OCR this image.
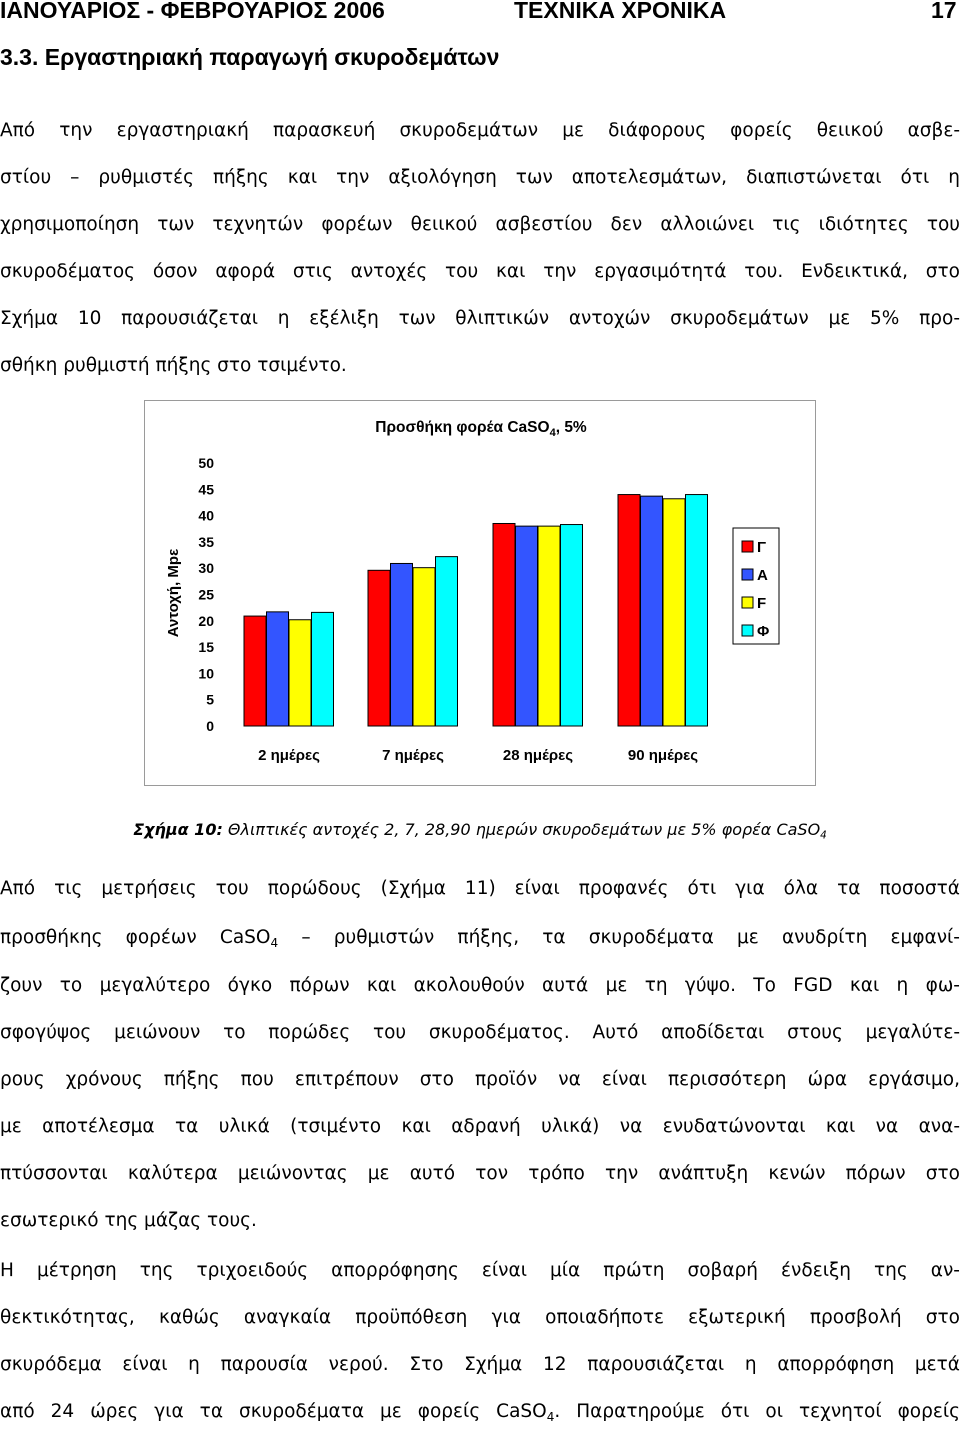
ΙΑΝΟΥΑΡΙΟΣ - ΦΕΒΡΟΥΑΡΙΟΣ 2006	ΤΕΧΝΙΚΑ ΧΡΟΝΙΚΑ	17
3.3. Εργαστηριακή παραγωγή σκυροδεμάτων
Από την εργαστηριακή παρασκευή σκυροδεμάτων με διάφορους φορείς θειικού ασβε-
στίου – ρυθμιστές πήξης και την αξιολόγηση των αποτελεσμάτων, διαπιστώνεται ότι η
χρησιμοποίηση των τεχνητών φορέων θειικού ασβεστίου δεν αλλοιώνει τις ιδιότητες του
σκυροδέματος όσον αφορά στις αντοχές του και την εργασιμότητά του. Ενδεικτικά, στο
Σχήμα 10 παρουσιάζεται η εξέλιξη των θλιπτικών αντοχών σκυροδεμάτων με 5% προ-
σθήκη ρυθμιστή πήξης στο τσιμέντο.
Προσθήκη φορέα CaSO$_4$, 5%
Αντοχή, Mpε
0
5
10
15
20
25
30
35
40
45
50
2 ημέρες	7 ημέρες	28 ημέρες	90 ημέρες
Γ
A
F
Φ
Σχήμα 10: Θλιπτικές αντοχές 2, 7, 28,90 ημερών σκυροδεμάτων με 5% φορέα CaSO$_4$
Από τις μετρήσεις του πορώδους (Σχήμα 11) είναι προφανές ότι για όλα τα ποσοστά
προσθήκης φορέων CaSO$_4$ – ρυθμιστών πήξης, τα σκυροδέματα με ανυδρίτη εμφανί-
ζουν το μεγαλύτερο όγκο πόρων και ακολουθούν αυτά με τη γύψο. Το FGD και η φω-
σφογύψος μειώνουν το πορώδες του σκυροδέματος. Αυτό αποδίδεται στους μεγαλύτε-
ρους χρόνους πήξης που επιτρέπουν στο προϊόν να είναι περισσότερη ώρα εργάσιμο,
με αποτέλεσμα τα υλικά (τσιμέντο και αδρανή υλικά) να ενυδατώνονται και να ανα-
πτύσσονται καλύτερα μειώνοντας με αυτό τον τρόπο την ανάπτυξη κενών πόρων στο
εσωτερικό της μάζας τους.
Η μέτρηση της τριχοειδούς απορρόφησης είναι μία πρώτη σοβαρή ένδειξη της αν-
θεκτικότητας, καθώς αναγκαία προϋπόθεση για οποιαδήποτε εξωτερική προσβολή στο
σκυρόδεμα είναι η παρουσία νερού. Στο Σχήμα 12 παρουσιάζεται η απορρόφηση μετά
από 24 ώρες για τα σκυροδέματα με φορείς CaSO$_4$. Παρατηρούμε ότι οι τεχνητοί φορείς
